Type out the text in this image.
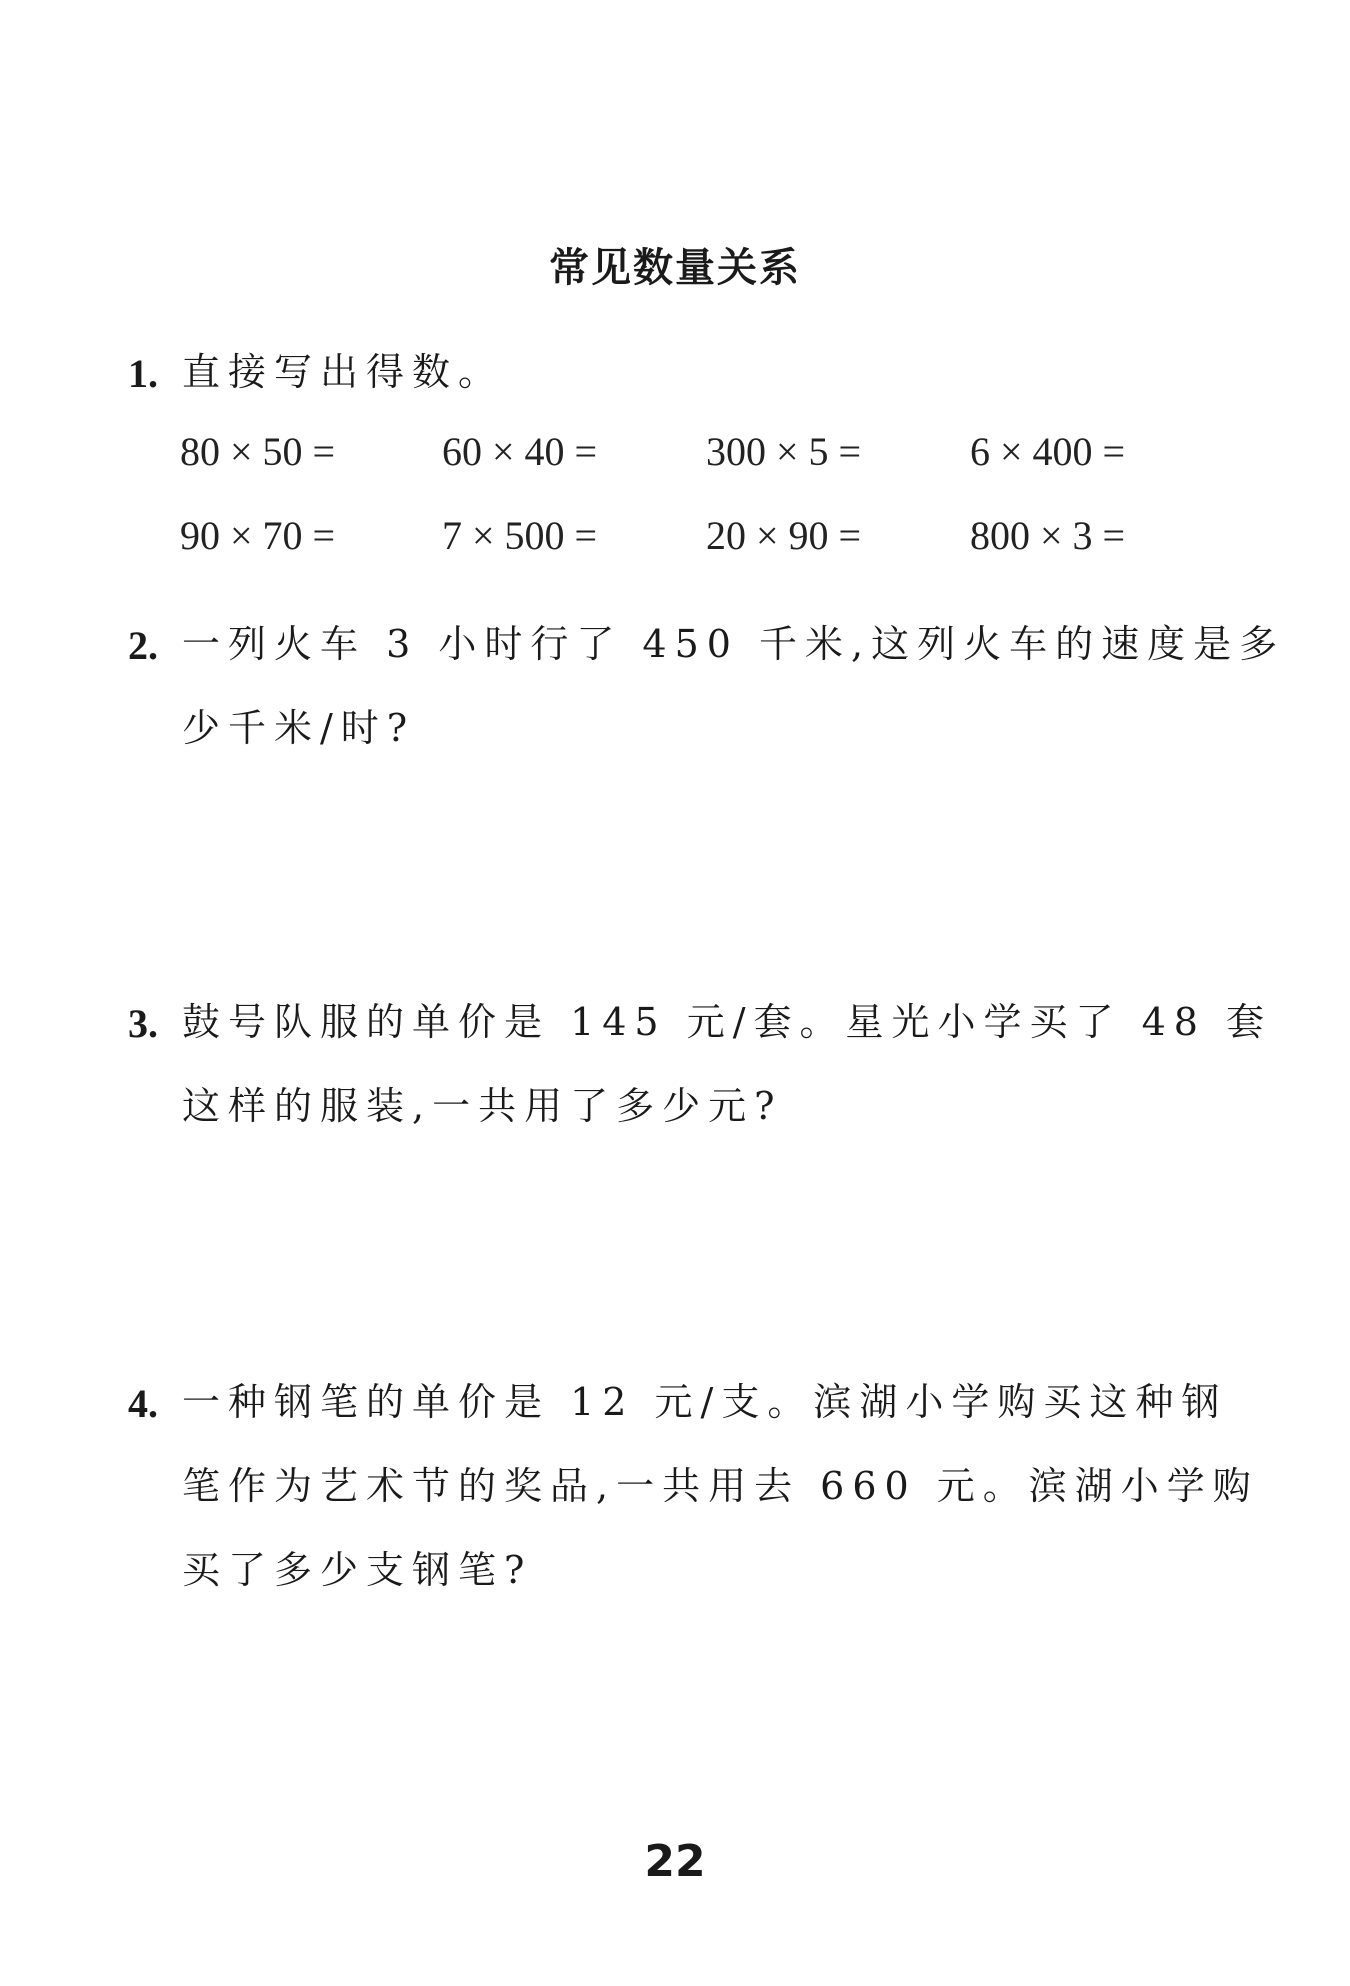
常见数量关系
1. 直接写出得数。
80 × 50 =	60 × 40 =	300 × 5 =	6 × 400 =
90 × 70 =	7 × 500 =	20 × 90 =	800 × 3 =
2. 一列火车 3 小时行了 450 千米,这列火车的速度是多
少千米/时?
3. 鼓号队服的单价是 145 元/套。星光小学买了 48 套
这样的服装,一共用了多少元?
4. 一种钢笔的单价是 12 元/支。滨湖小学购买这种钢
笔作为艺术节的奖品,一共用去 660 元。滨湖小学购
买了多少支钢笔?
22
